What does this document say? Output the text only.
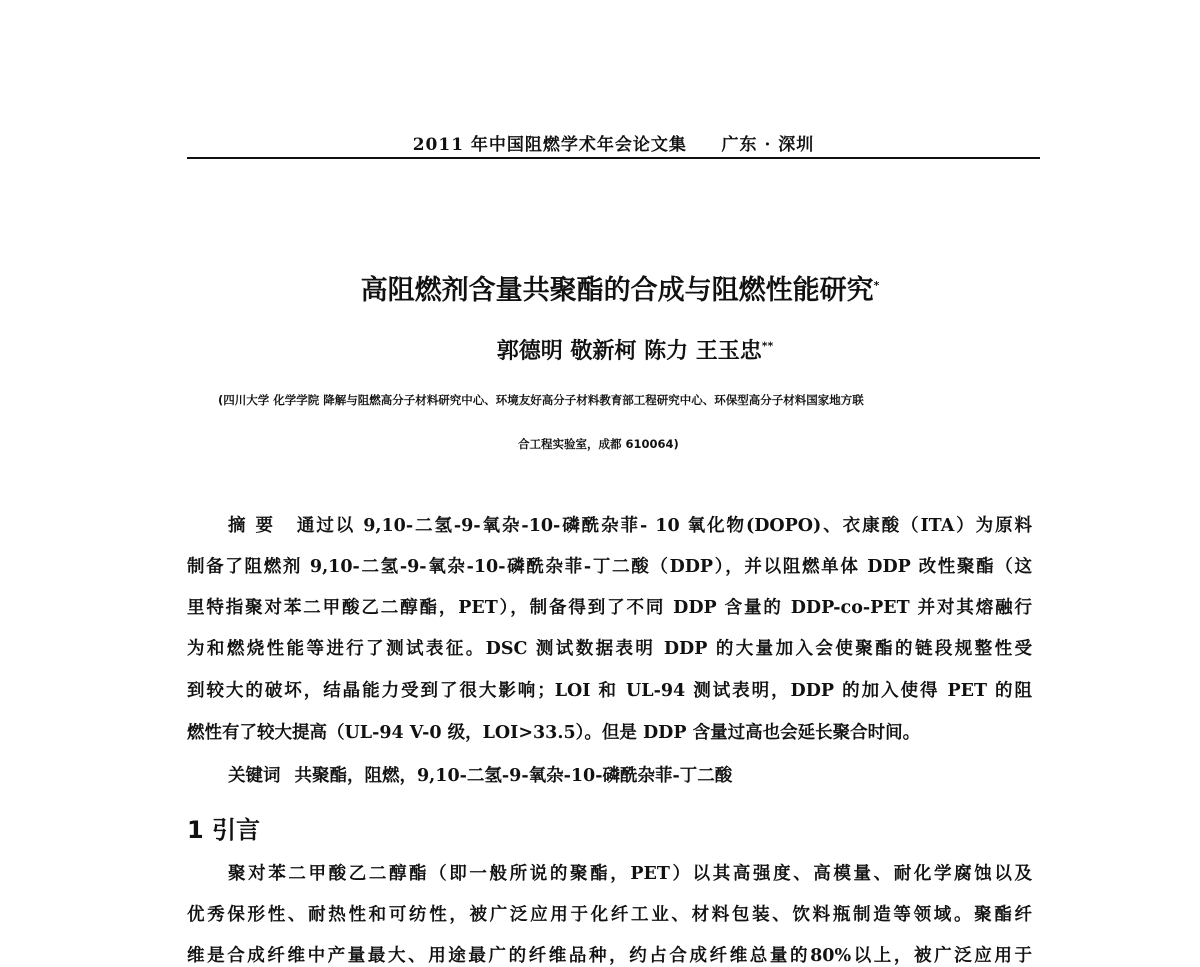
2011 年中国阻燃学术年会论文集 广东 · 深圳
高阻燃剂含量共聚酯的合成与阻燃性能研究*
郭德明 敬新柯 陈力 王玉忠**
(四川大学 化学学院 降解与阻燃高分子材料研究中心、环境友好高分子材料教育部工程研究中心、环保型高分子材料国家地方联
合工程实验室，成都 610064)
摘 要 通过以 9,10-二氢-9-氧杂-10-磷酰杂菲- 10 氧化物(DOPO)、衣康酸（ITA）为原料
制备了阻燃剂 9,10-二氢-9-氧杂-10-磷酰杂菲-丁二酸（DDP），并以阻燃单体 DDP 改性聚酯（这
里特指聚对苯二甲酸乙二醇酯，PET），制备得到了不同 DDP 含量的 DDP-co-PET 并对其熔融行
为和燃烧性能等进行了测试表征。DSC 测试数据表明 DDP 的大量加入会使聚酯的链段规整性受
到较大的破坏，结晶能力受到了很大影响；LOI 和 UL-94 测试表明，DDP 的加入使得 PET 的阻
燃性有了较大提高（UL-94 V-0 级，LOI>33.5）。但是 DDP 含量过高也会延长聚合时间。
关键词 共聚酯，阻燃，9,10-二氢-9-氧杂-10-磷酰杂菲-丁二酸
1 引言
聚对苯二甲酸乙二醇酯（即一般所说的聚酯，PET）以其高强度、高模量、耐化学腐蚀以及
优秀保形性、耐热性和可纺性，被广泛应用于化纤工业、材料包装、饮料瓶制造等领域。聚酯纤
维是合成纤维中产量最大、用途最广的纤维品种，约占合成纤维总量的80%以上，被广泛应用于
